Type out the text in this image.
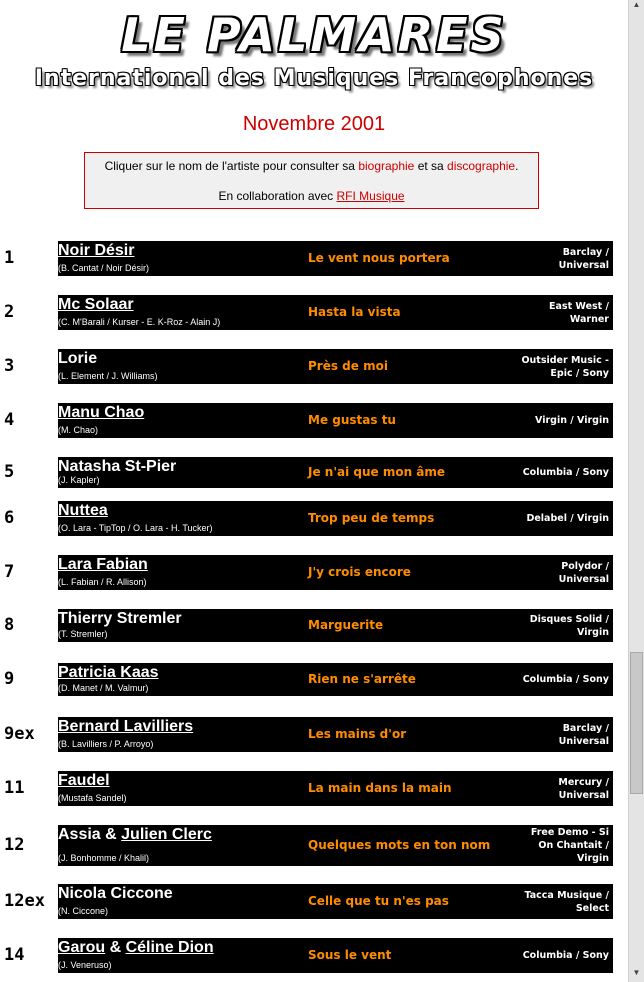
LE PALMARES
International des Musiques Francophones
Novembre 2001
Cliquer sur le nom de l'artiste pour consulter sa biographie et sa discographie.
En collaboration avec RFI Musique
1	Noir Désir
(B. Cantat / Noir Désir)
Le vent nous portera	Barclay /
Universal
2	Mc Solaar
(C. M'Barali / Kurser - E. K-Roz - Alain J)
Hasta la vista	East West /
Warner
3	Lorie
(L. Element / J. Williams)
Près de moi	Outsider Music -
Epic / Sony
4	Manu Chao
(M. Chao)
Me gustas tu	Virgin / Virgin
5	Natasha St-Pier
(J. Kapler)
Je n'ai que mon âme	Columbia / Sony
6	Nuttea
(O. Lara - TipTop / O. Lara - H. Tucker)
Trop peu de temps	Delabel / Virgin
7	Lara Fabian
(L. Fabian / R. Allison)
J'y crois encore	Polydor /
Universal
8	Thierry Stremler
(T. Stremler)
Marguerite	Disques Solid /
Virgin
9	Patricia Kaas
(D. Manet / M. Valmur)
Rien ne s'arrête	Columbia / Sony
9ex Bernard Lavilliers
(B. Lavilliers / P. Arroyo)
Les mains d'or	Barclay /
Universal
11 Faudel
(Mustafa Sandel)
La main dans la main	Mercury /
Universal
12 Assia & Julien Clerc
(J. Bonhomme / Khalil)
Quelques mots en ton nom
Free Demo - Si
On Chantait /
Virgin
12ex Nicola Ciccone
(N. Ciccone)
Celle que tu n'es pas	Tacca Musique /
Select
14 Garou & Céline Dion
(J. Veneruso)
Sous le vent	Columbia / Sony
▲
▼
